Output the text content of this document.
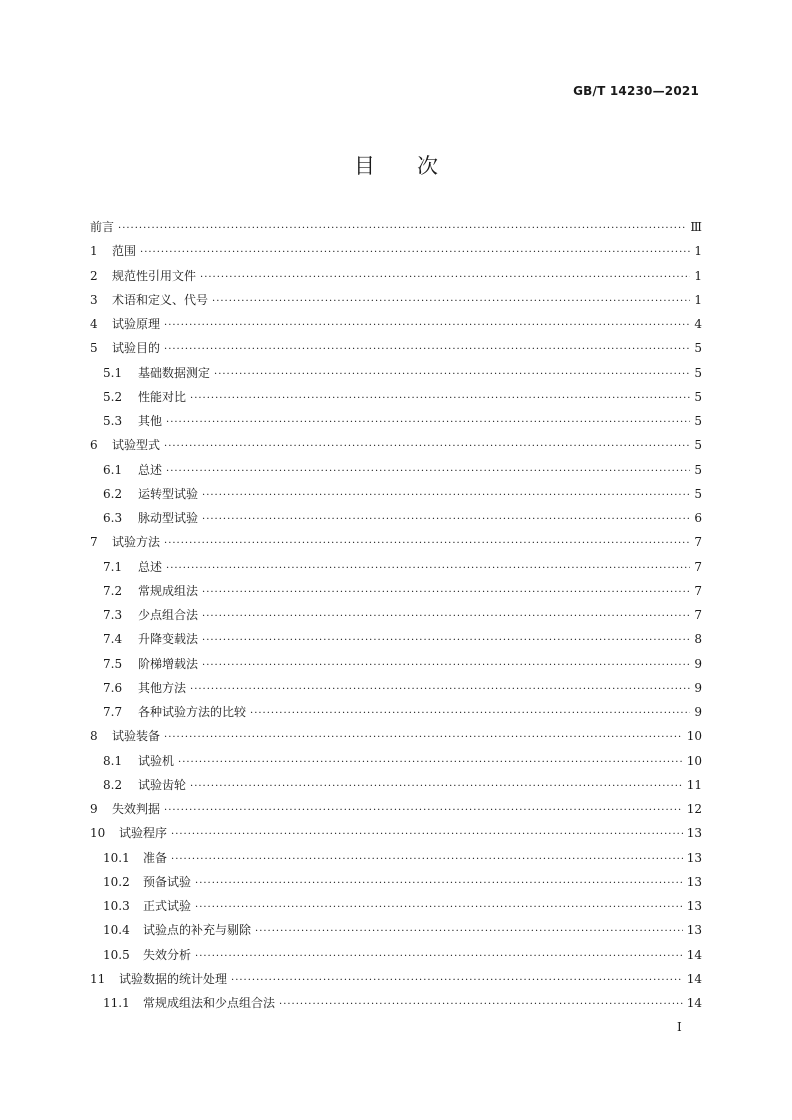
GB/T 14230—2021
目 次
前言 ·····	Ⅲ
1	范围 ·····	1
2	规范性引用文件 ·····	1
3	术语和定义、代号 ·····	1
4	试验原理 ·····	4
5	试验目的 ·····	5
5.1	基础数据测定 ·····	5
5.2	性能对比 ·····	5
5.3	其他 ·····	5
6	试验型式 ·····	5
6.1	总述 ·····	5
6.2	运转型试验 ·····	5
6.3	脉动型试验 ·····	6
7	试验方法 ·····	7
7.1	总述 ·····	7
7.2	常规成组法 ·····	7
7.3	少点组合法 ·····	7
7.4	升降变载法 ·····	8
7.5	阶梯增载法 ·····	9
7.6	其他方法 ·····	9
7.7	各种试验方法的比较 ·····	9
8	试验装备 ·····	10
8.1	试验机 ·····	10
8.2	试验齿轮 ·····	11
9	失效判据 ·····	12
10	试验程序 ·····	13
10.1	准备 ·····	13
10.2	预备试验 ·····	13
10.3	正式试验 ·····	13
10.4	试验点的补充与剔除 ·····	13
10.5	失效分析 ·····	14
11	试验数据的统计处理 ·····	14
11.1	常规成组法和少点组合法 ·····	14
I
